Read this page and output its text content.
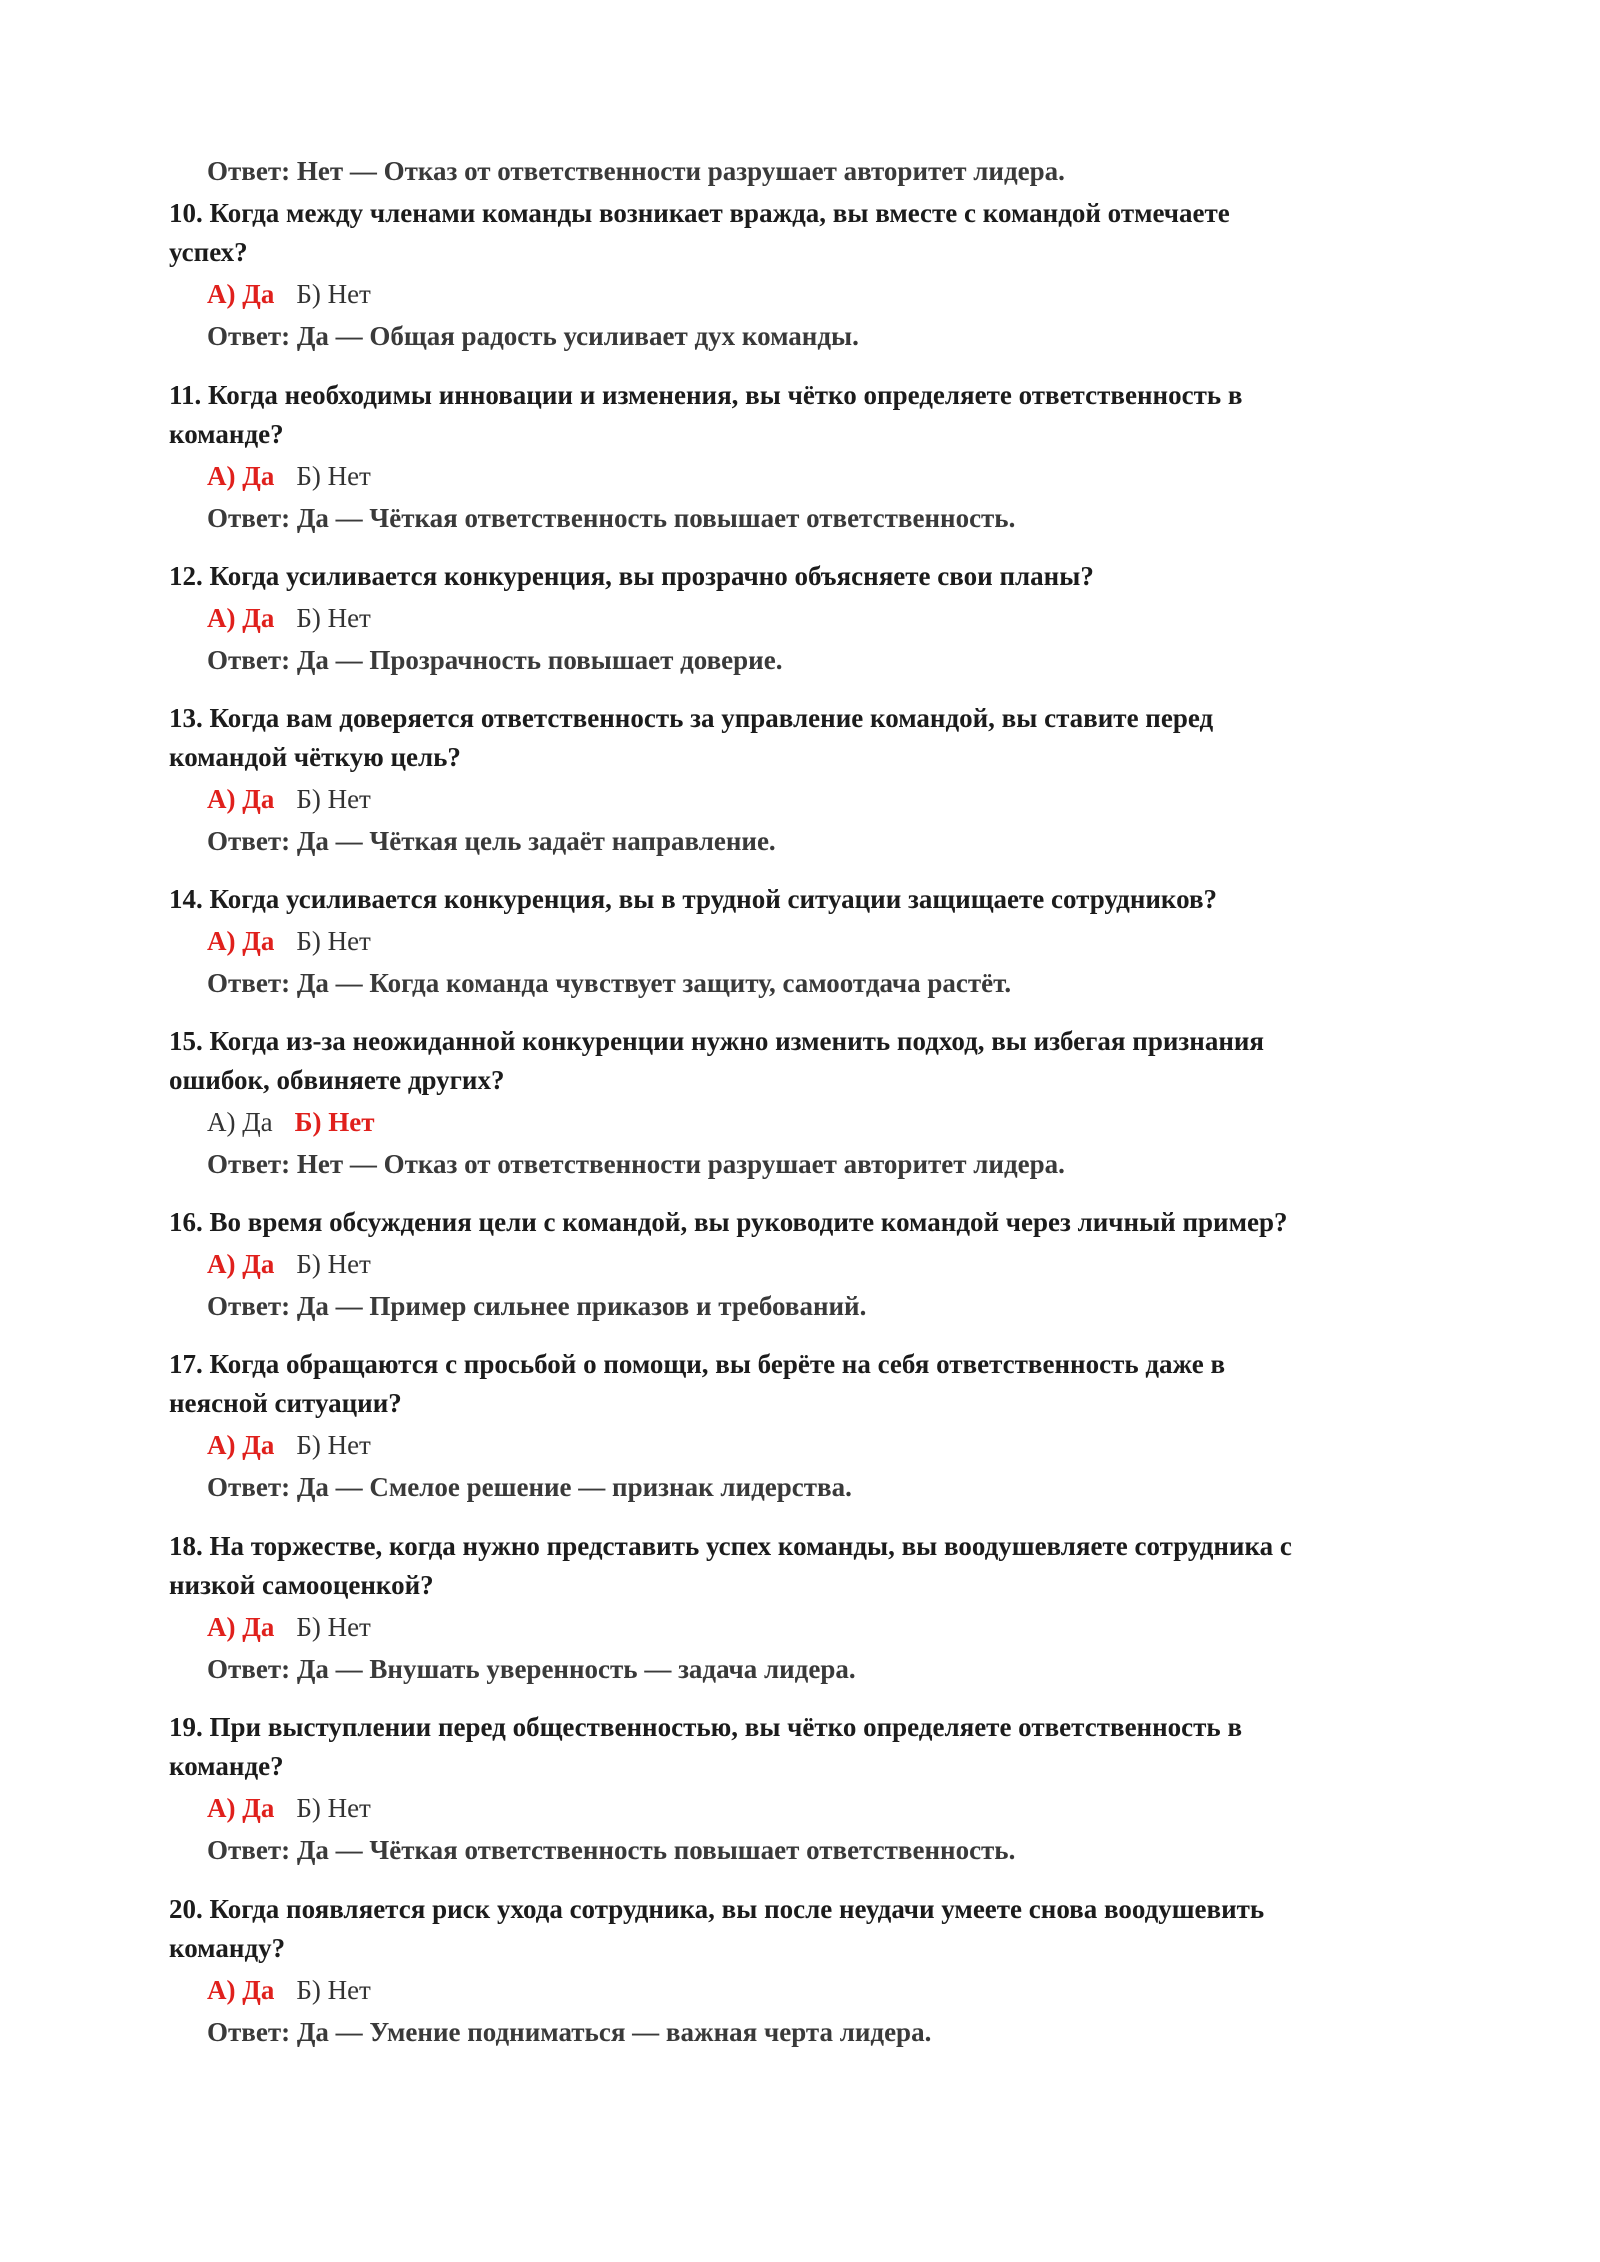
Ответ: Нет — Отказ от ответственности разрушает авторитет лидера.
10. Когда между членами команды возникает вражда, вы вместе с командой отмечаете
успех?
А) Да Б) Нет
Ответ: Да — Общая радость усиливает дух команды.
11. Когда необходимы инновации и изменения, вы чётко определяете ответственность в
команде?
А) Да Б) Нет
Ответ: Да — Чёткая ответственность повышает ответственность.
12. Когда усиливается конкуренция, вы прозрачно объясняете свои планы?
А) Да Б) Нет
Ответ: Да — Прозрачность повышает доверие.
13. Когда вам доверяется ответственность за управление командой, вы ставите перед
командой чёткую цель?
А) Да Б) Нет
Ответ: Да — Чёткая цель задаёт направление.
14. Когда усиливается конкуренция, вы в трудной ситуации защищаете сотрудников?
А) Да Б) Нет
Ответ: Да — Когда команда чувствует защиту, самоотдача растёт.
15. Когда из-за неожиданной конкуренции нужно изменить подход, вы избегая признания
ошибок, обвиняете других?
А) Да Б) Нет
Ответ: Нет — Отказ от ответственности разрушает авторитет лидера.
16. Во время обсуждения цели с командой, вы руководите командой через личный пример?
А) Да Б) Нет
Ответ: Да — Пример сильнее приказов и требований.
17. Когда обращаются с просьбой о помощи, вы берёте на себя ответственность даже в
неясной ситуации?
А) Да Б) Нет
Ответ: Да — Смелое решение — признак лидерства.
18. На торжестве, когда нужно представить успех команды, вы воодушевляете сотрудника с
низкой самооценкой?
А) Да Б) Нет
Ответ: Да — Внушать уверенность — задача лидера.
19. При выступлении перед общественностью, вы чётко определяете ответственность в
команде?
А) Да Б) Нет
Ответ: Да — Чёткая ответственность повышает ответственность.
20. Когда появляется риск ухода сотрудника, вы после неудачи умеете снова воодушевить
команду?
А) Да Б) Нет
Ответ: Да — Умение подниматься — важная черта лидера.
